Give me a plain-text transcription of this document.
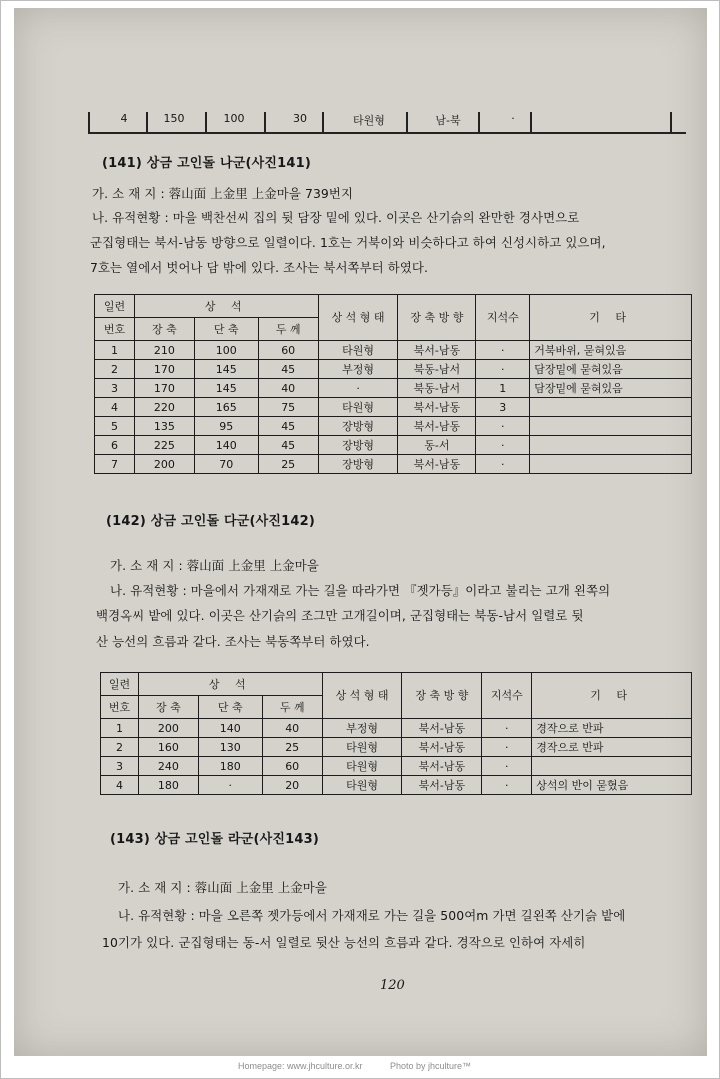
4	150	100	30	타원형	남-북	·
(141) 상금 고인돌 나군(사진141)
가. 소 재 지 : 蓉山面 上金里 上金마을 739번지
나. 유적현황 : 마을 백찬선씨 집의 뒷 담장 밑에 있다. 이곳은 산기슭의 완만한 경사면으로
군집형태는 북서-남동 방향으로 일렬이다. 1호는 거북이와 비슷하다고 하여 신성시하고 있으며,
7호는 열에서 벗어나 담 밖에 있다. 조사는 북서쪽부터 하였다.
일련	상 석			상 석 형 태	장 축 방 향	지석수	기 타
번호	장 축	단 축	두 께				
1	210	100	60	타원형	북서-남동	·	거북바위, 묻혀있음
2	170	145	45	부정형	북동-남서	·	담장밑에 묻혀있음
3	170	145	40	·	북동-남서	1	담장밑에 묻혀있음
4	220	165	75	타원형	북서-남동	3	
5	135	95	45	장방형	북서-남동	·	
6	225	140	45	장방형	동-서	·	
7	200	70	25	장방형	북서-남동	·	
(142) 상금 고인돌 다군(사진142)
가. 소 재 지 : 蓉山面 上金里 上金마을
나. 유적현황 : 마을에서 가재재로 가는 길을 따라가면 『젯가등』이라고 불리는 고개 왼쪽의
백경옥씨 밭에 있다. 이곳은 산기슭의 조그만 고개길이며, 군집형태는 북동-남서 일렬로 뒷
산 능선의 흐름과 같다. 조사는 북동쪽부터 하였다.
일련	상 석			상 석 형 태	장 축 방 향	지석수	기 타
번호	장 축	단 축	두 께				
1	200	140	40	부정형	북서-남동	·	경작으로 반파
2	160	130	25	타원형	북서-남동	·	경작으로 반파
3	240	180	60	타원형	북서-남동	·	
4	180	·	20	타원형	북서-남동	·	상석의 반이 묻혔음
(143) 상금 고인돌 라군(사진143)
가. 소 재 지 : 蓉山面 上金里 上金마을
나. 유적현황 : 마을 오른쪽 젯가등에서 가재재로 가는 길을 500여m 가면 길왼쪽 산기슭 밭에
10기가 있다. 군집형태는 동-서 일렬로 뒷산 능선의 흐름과 같다. 경작으로 인하여 자세히
120
Homepage: www.jhculture.or.kr	Photo by jhculture™
